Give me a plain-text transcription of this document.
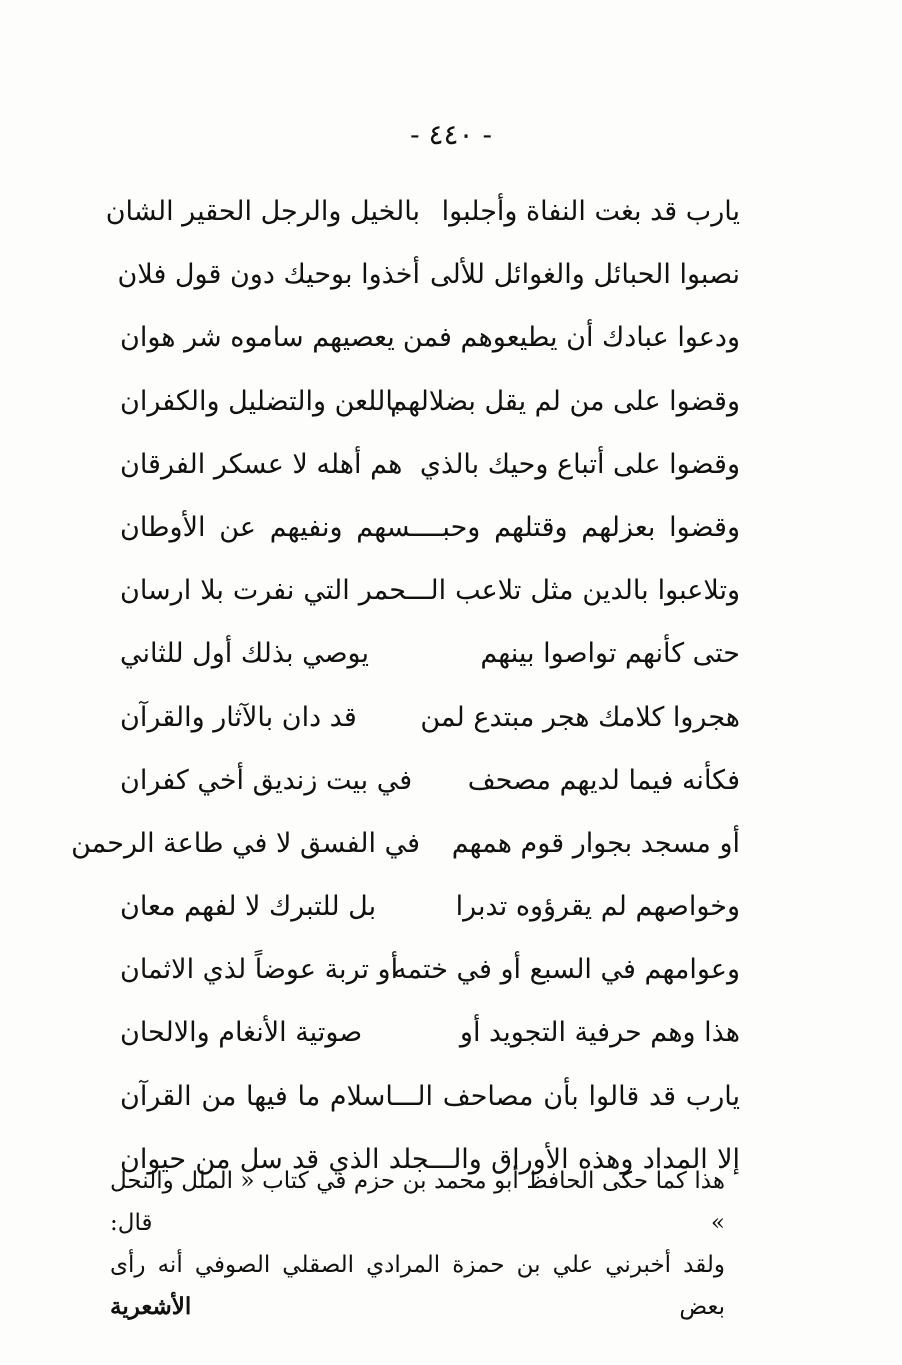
- ٤٤٠ -
يارب قد بغت النفاة وأجلبوا
بالخيل والرجل الحقير الشان
نصبوا الحبائل والغوائل للألى
أخذوا بوحيك دون قول فلان
ودعوا عبادك أن يطيعوهم فمن
يعصيهم ساموه شر هوان
وقضوا على من لم يقل بضلالهم
باللعن والتضليل والكفران
وقضوا على أتباع وحيك بالذي
هم أهله لا عسكر الفرقان
وقضوا بعزلهم وقتلهم وحبــــسهم ونفيهم عن الأوطان
وتلاعبوا بالدين مثل تلاعب الـــحمر التي نفرت بلا ارسان
حتى كأنهم تواصوا بينهم
يوصي بذلك أول للثاني
هجروا كلامك هجر مبتدع لمن
قد دان بالآثار والقرآن
فكأنه فيما لديهم مصحف
في بيت زنديق أخي كفران
أو مسجد بجوار قوم همهم
في الفسق لا في طاعة الرحمن
وخواصهم لم يقرؤوه تدبرا
بل للتبرك لا لفهم معان
وعوامهم في السبع أو في ختمه
أو تربة عوضاً لذي الاثمان
هذا وهم حرفية التجويد أو
صوتية الأنغام والالحان
يارب قد قالوا بأن مصاحف الـــاسلام ما فيها من القرآن
إلا المداد وهذه الأوراق والـــجلد الذي قد سل من حيوان

هذا كما حكى الحافظ أبو محمد بن حزم في كتاب « الملل والنحل » قال:

ولقد أخبرني علي بن حمزة المرادي الصقلي الصوفي أنه رأى بعض الأشعرية
